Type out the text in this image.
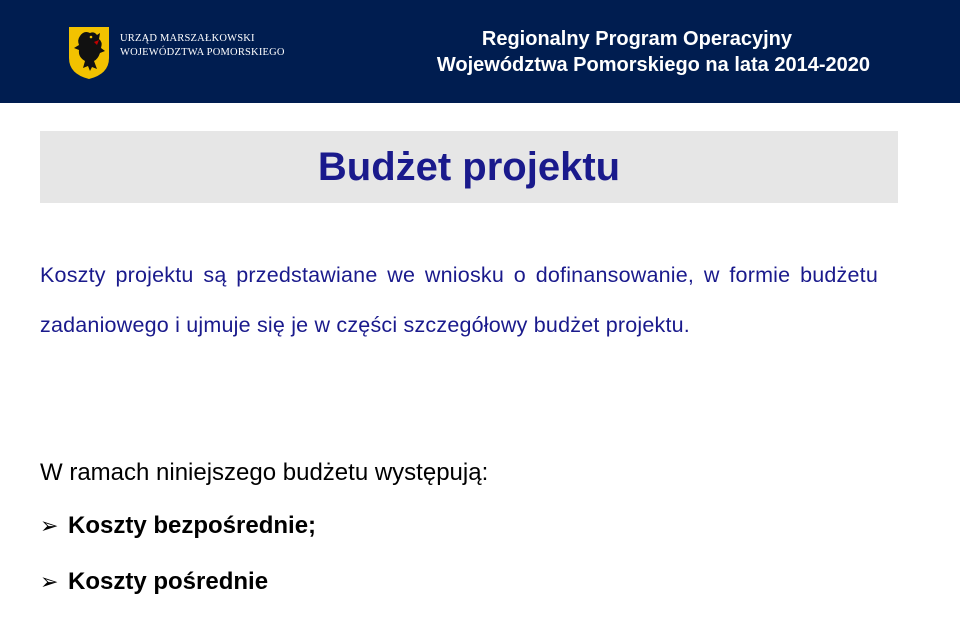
URZĄD MARSZAŁKOWSKI
WOJEWÓDZTWA POMORSKIEGO
Regionalny Program Operacyjny
Województwa Pomorskiego na lata 2014-2020
Budżet projektu
Koszty projektu są przedstawiane we wniosku o dofinansowanie, w formie budżetu zadaniowego i ujmuje się je w części szczegółowy budżet projektu.
W ramach niniejszego budżetu występują:
➢ Koszty bezpośrednie;
➢ Koszty pośrednie
